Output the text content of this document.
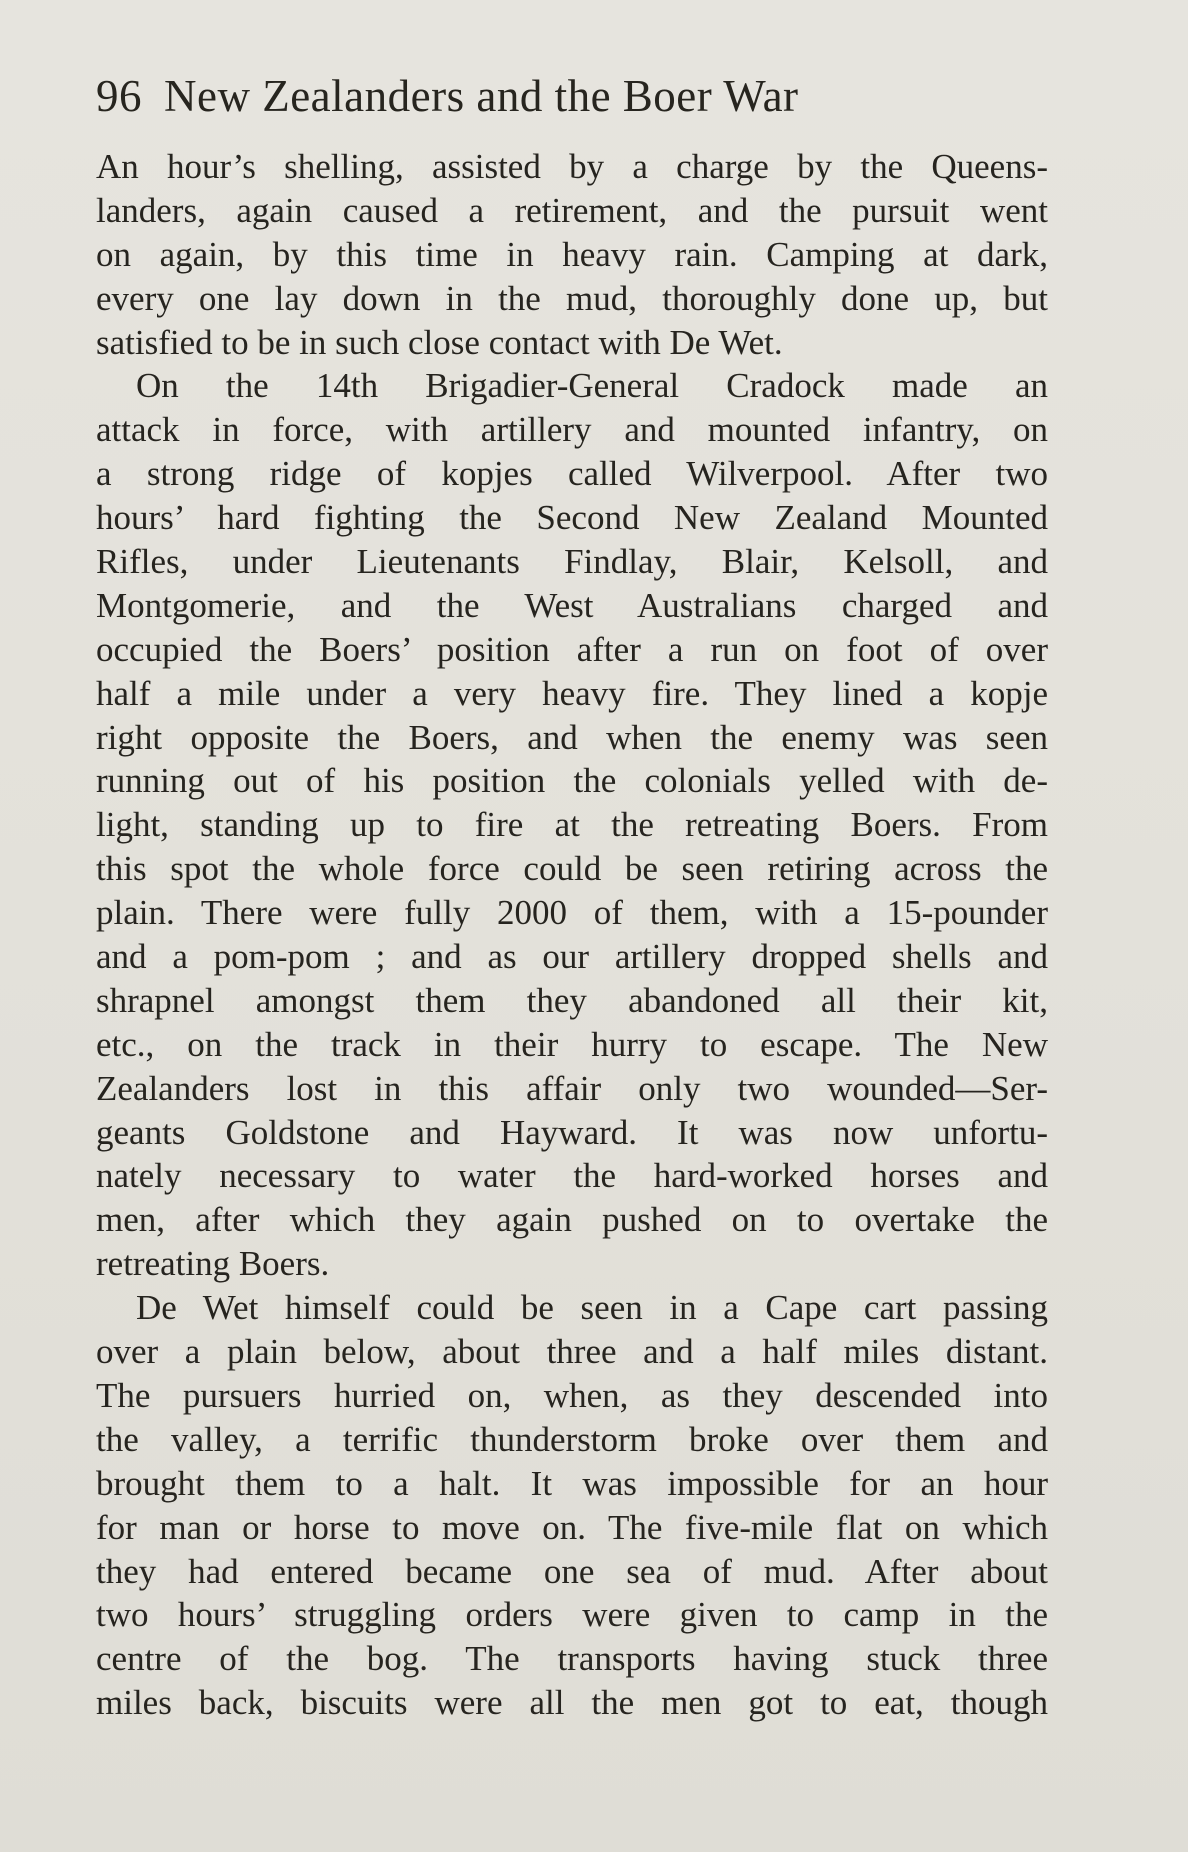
96 New Zealanders and the Boer War
An hour’s shelling, assisted by a charge by the Queens-
landers, again caused a retirement, and the pursuit went
on again, by this time in heavy rain. Camping at dark,
every one lay down in the mud, thoroughly done up, but
satisfied to be in such close contact with De Wet.
On the 14th Brigadier-General Cradock made an
attack in force, with artillery and mounted infantry, on
a strong ridge of kopjes called Wilverpool. After two
hours’ hard fighting the Second New Zealand Mounted
Rifles, under Lieutenants Findlay, Blair, Kelsoll, and
Montgomerie, and the West Australians charged and
occupied the Boers’ position after a run on foot of over
half a mile under a very heavy fire. They lined a kopje
right opposite the Boers, and when the enemy was seen
running out of his position the colonials yelled with de-
light, standing up to fire at the retreating Boers. From
this spot the whole force could be seen retiring across the
plain. There were fully 2000 of them, with a 15-pounder
and a pom-pom ; and as our artillery dropped shells and
shrapnel amongst them they abandoned all their kit,
etc., on the track in their hurry to escape. The New
Zealanders lost in this affair only two wounded—Ser-
geants Goldstone and Hayward. It was now unfortu-
nately necessary to water the hard-worked horses and
men, after which they again pushed on to overtake the
retreating Boers.
De Wet himself could be seen in a Cape cart passing
over a plain below, about three and a half miles distant.
The pursuers hurried on, when, as they descended into
the valley, a terrific thunderstorm broke over them and
brought them to a halt. It was impossible for an hour
for man or horse to move on. The five-mile flat on which
they had entered became one sea of mud. After about
two hours’ struggling orders were given to camp in the
centre of the bog. The transports having stuck three
miles back, biscuits were all the men got to eat, though
